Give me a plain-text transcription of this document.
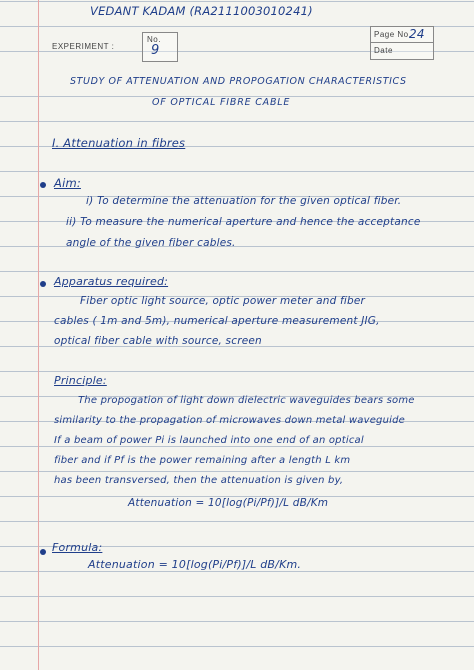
VEDANT KADAM (RA2111003010241)
EXPERIMENT :
No.
9
Page No.
24
Date
STUDY OF ATTENUATION AND PROPOGATION CHARACTERISTICS
OF OPTICAL FIBRE CABLE
I. Attenuation in fibres
Aim:
i) To determine the attenuation for the given optical fiber.
ii) To measure the numerical aperture and hence the acceptance
angle of the given fiber cables.
Apparatus required:
Fiber optic light source, optic power meter and fiber
cables ( 1m and 5m), numerical aperture measurement JIG,
optical fiber cable with source, screen
Principle:
The propogation of light down dielectric waveguides bears some
similarity to the propagation of microwaves down metal waveguide
If a beam of power Pi is launched into one end of an optical
fiber and if Pf is the power remaining after a length L km
has been transversed, then the attenuation is given by,
Attenuation = 10[log(Pi/Pf)]/L dB/Km
Formula:
Attenuation = 10[log(Pi/Pf)]/L dB/Km.
